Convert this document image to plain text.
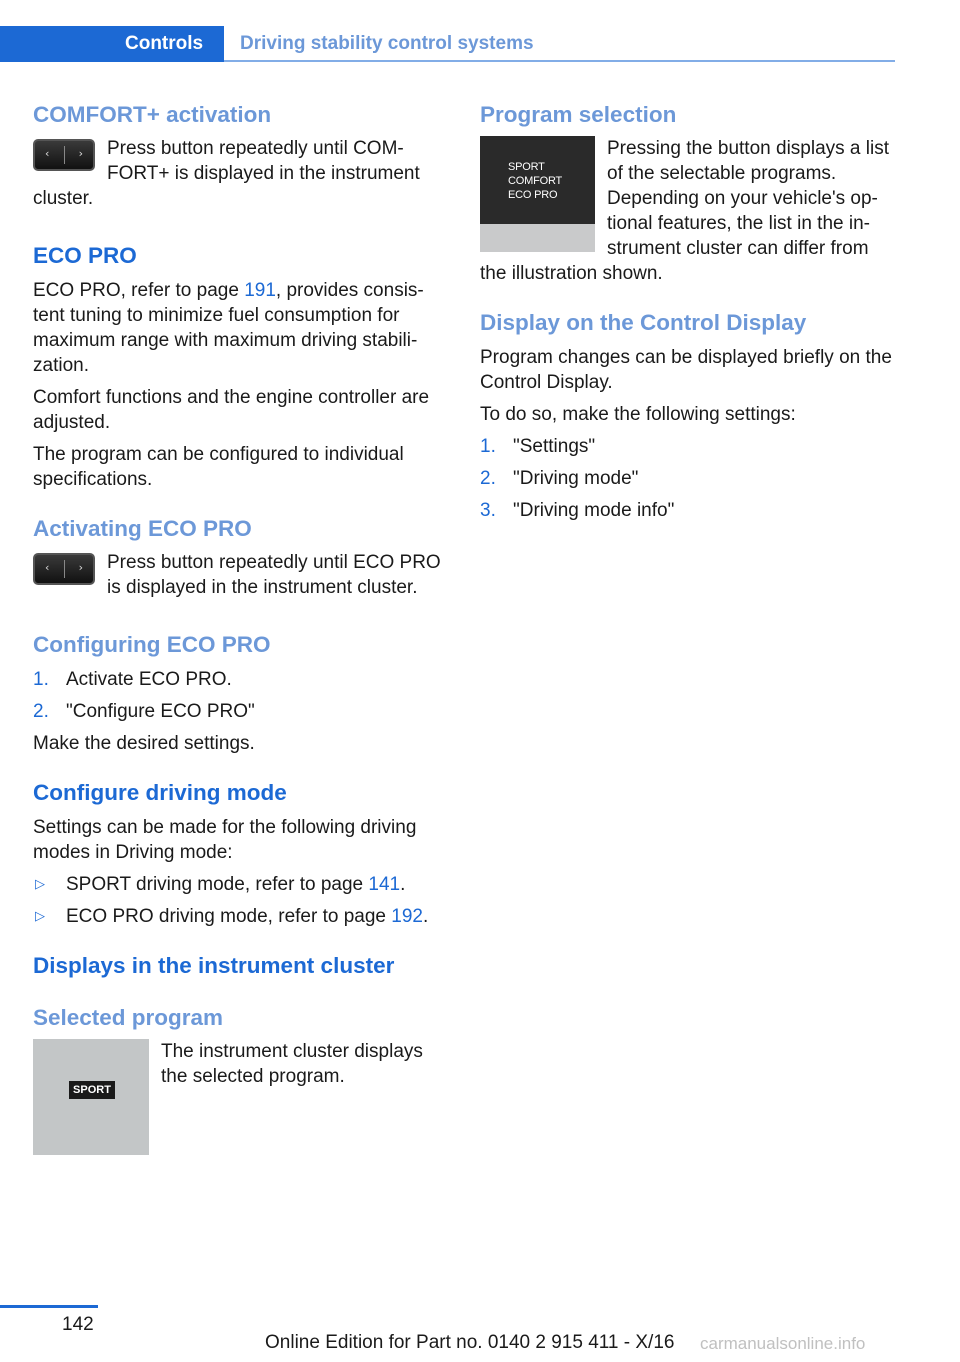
Controls	Driving stability control systems
COMFORT+ activation
‹	›	Press button repeatedly until COM‐FORT+ is displayed in the instrument cluster.

ECO PRO

ECO PRO, refer to page 191, provides consis‐tent tuning to minimize fuel consumption for maximum range with maximum driving stabili‐zation.

Comfort functions and the engine controller are adjusted.

The program can be configured to individual specifications.

Activating ECO PRO
‹	›	Press button repeatedly until ECO PRO is displayed in the instrument cluster.

Configuring ECO PRO
1. Activate ECO PRO.
2. "Configure ECO PRO"

Make the desired settings.

Configure driving mode

Settings can be made for the following driving modes in Driving mode:

▷ SPORT driving mode, refer to page 141.
▷ ECO PRO driving mode, refer to page 192.
Displays in the instrument cluster
Selected program
SPORT

The instrument cluster displays the selected program.

Program selection
SPORT
COMFORT
ECO PRO

Pressing the button displays a list of the selectable programs. Depending on your vehicle's op‐tional features, the list in the in‐strument cluster can differ from the illustration shown.

Display on the Control Display

Program changes can be displayed briefly on the Control Display.

To do so, make the following settings:

1. "Settings"
2. "Driving mode"
3. "Driving mode info"
142
Online Edition for Part no. 0140 2 915 411 - X/16 carmanualsonline.info
